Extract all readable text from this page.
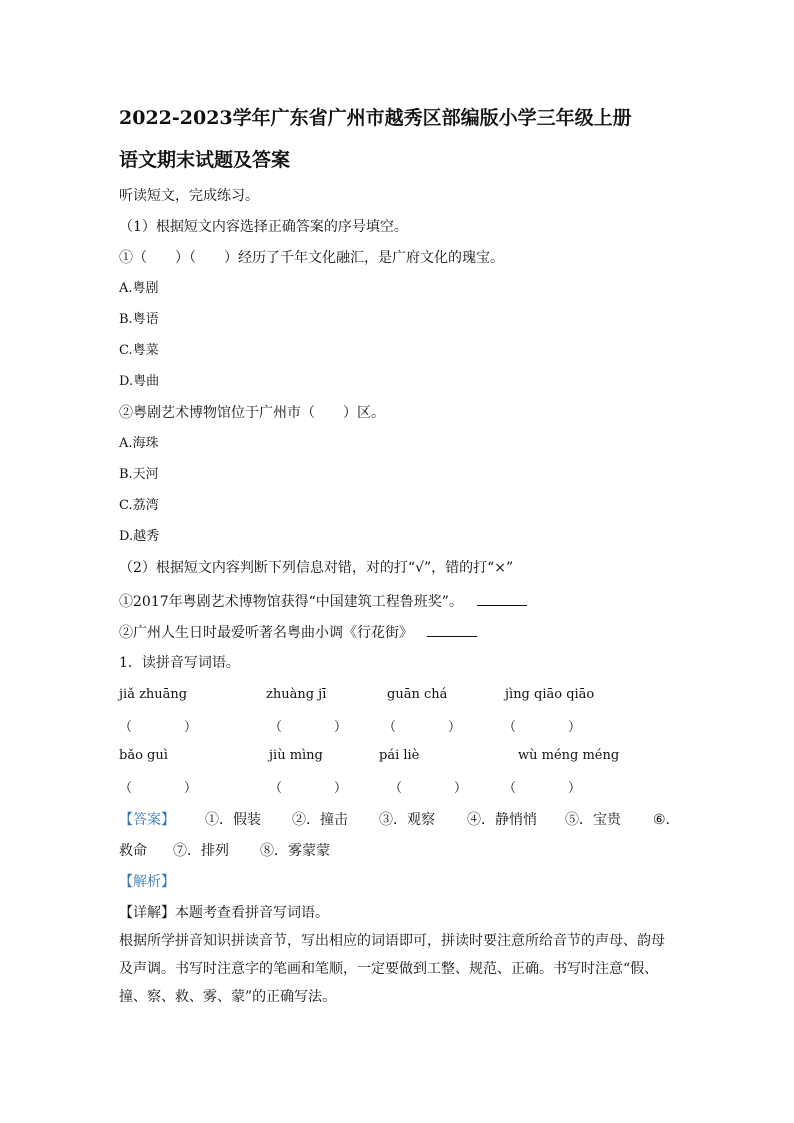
2022-2023学年广东省广州市越秀区部编版小学三年级上册
语文期末试题及答案
听读短文，完成练习。
（1）根据短文内容选择正确答案的序号填空。
①（　　）（　　）经历了千年文化融汇，是广府文化的瑰宝。
A.粤剧
B.粤语
C.粤菜
D.粤曲
②粤剧艺术博物馆位于广州市（　　）区。
A.海珠
B.天河
C.荔湾
D.越秀
（2）根据短文内容判断下列信息对错，对的打“√”，错的打“×”
①2017年粤剧艺术博物馆获得“中国建筑工程鲁班奖”。
②广州人生日时最爱听著名粤曲小调《行花街》
1．读拼音写词语。
jiǎ zhuāng	zhuàng jī	guān chá	jìng qiāo qiāo
（　　　　）	（　　　　）	（　　　　）	（　　　　）
bǎo guì	jiù mìng	pái liè	wù méng méng
（　　　　）	（　　　　）	（　　　　）	（　　　　）
【答案】 ①．假装 ②．撞击 ③．观察 ④．静悄悄 ⑤．宝贵 ⑥．
救命 ⑦．排列 ⑧．雾蒙蒙
【解析】
【详解】本题考查看拼音写词语。
根据所学拼音知识拼读音节，写出相应的词语即可，拼读时要注意所给音节的声母、韵母及声调。书写时注意字的笔画和笔顺，一定要做到工整、规范、正确。书写时注意“假、撞、察、救、雾、蒙”的正确写法。
